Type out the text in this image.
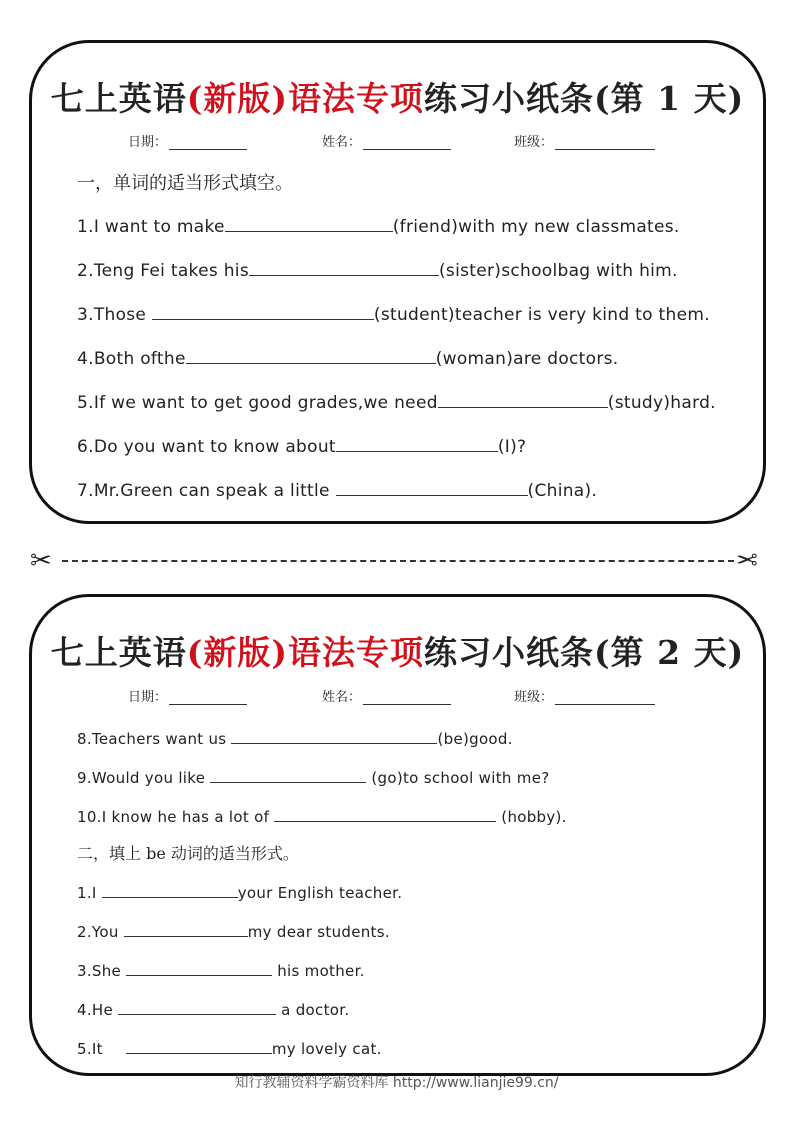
七上英语(新版)语法专项练习小纸条(第 1 天)
日期：	姓名：	班级：
一，单词的适当形式填空。
1.I want to make	(friend)with my new classmates.
2.Teng Fei takes his	(sister)schoolbag with him.
3.Those	(student)teacher is very kind to them.
4.Both ofthe	(woman)are doctors.
5.If we want to get good grades,we need	(study)hard.
6.Do you want to know about	(I)?
7.Mr.Green can speak a little	(China).
✂	✂
七上英语(新版)语法专项练习小纸条(第 2 天)
日期：	姓名：	班级：
8.Teachers want us	(be)good.
9.Would you like	(go)to school with me?
10.I know he has a lot of	(hobby).
二，填上 be 动词的适当形式。
1.I	your English teacher.
2.You	my dear students.
3.She	his mother.
4.He	a doctor.
5.It	my lovely cat.
知行教辅资料学霸资料库 http://www.lianjie99.cn/
